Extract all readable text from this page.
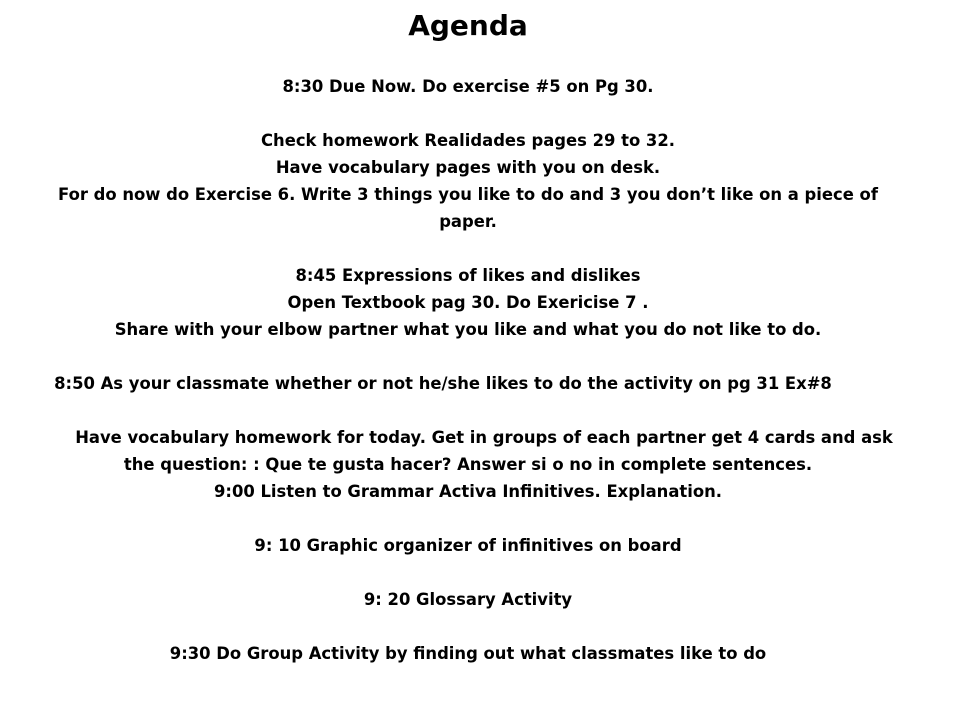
Agenda
8:30 Due Now. Do exercise #5 on Pg 30.
Check homework Realidades pages 29 to 32.
Have vocabulary pages with you on desk.
For do now do Exercise 6. Write 3 things you like to do and 3 you don’t like on a piece of
paper.
8:45 Expressions of likes and dislikes
Open Textbook pag 30. Do Exericise 7 .
Share with your elbow partner what you like and what you do not like to do.
8:50 As your classmate whether or not he/she likes to do the activity on pg 31 Ex#8
Have vocabulary homework for today. Get in groups of each partner get 4 cards and ask
the question: : Que te gusta hacer? Answer si o no in complete sentences.
9:00 Listen to Grammar Activa Infinitives. Explanation.
9: 10 Graphic organizer of infinitives on board
9: 20 Glossary Activity
9:30 Do Group Activity by finding out what classmates like to do
